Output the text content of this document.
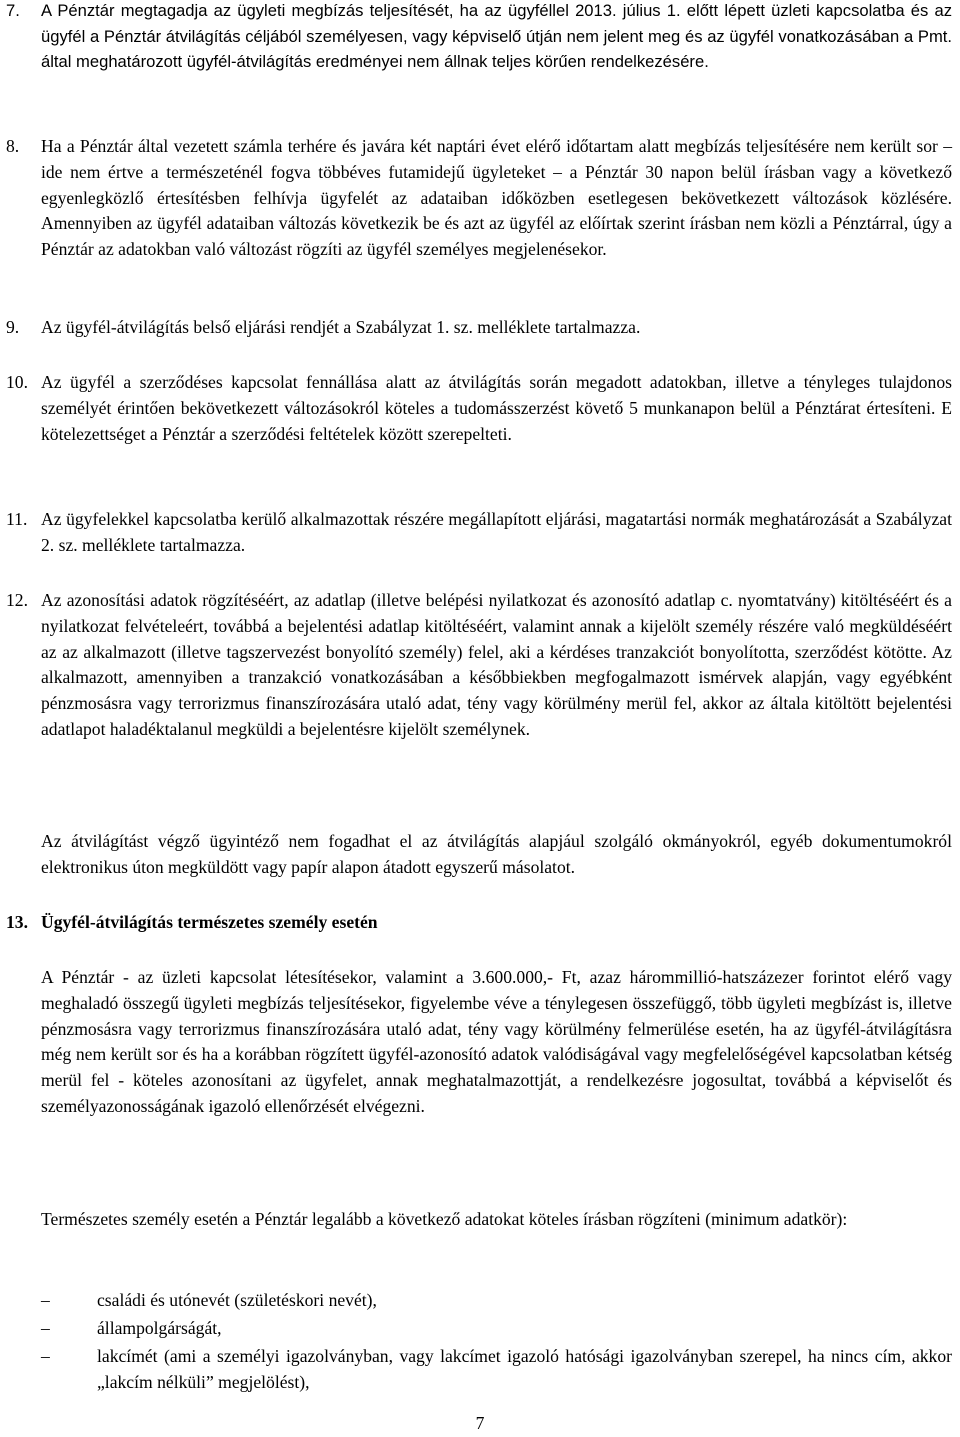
7. A Pénztár megtagadja az ügyleti megbízás teljesítését, ha az ügyféllel 2013. július 1. előtt lépett üzleti kapcsolatba és az ügyfél a Pénztár átvilágítás céljából személyesen, vagy képviselő útján nem jelent meg és az ügyfél vonatkozásában a Pmt. által meghatározott ügyfél-átvilágítás eredményei nem állnak teljes körűen rendelkezésére.
8. Ha a Pénztár által vezetett számla terhére és javára két naptári évet elérő időtartam alatt megbízás teljesítésére nem került sor – ide nem értve a természeténél fogva többéves futamidejű ügyleteket – a Pénztár 30 napon belül írásban vagy a következő egyenlegközlő értesítésben felhívja ügyfelét az adataiban időközben esetlegesen bekövetkezett változások közlésére. Amennyiben az ügyfél adataiban változás következik be és azt az ügyfél az előírtak szerint írásban nem közli a Pénztárral, úgy a Pénztár az adatokban való változást rögzíti az ügyfél személyes megjelenésekor.
9. Az ügyfél-átvilágítás belső eljárási rendjét a Szabályzat 1. sz. melléklete tartalmazza.
10. Az ügyfél a szerződéses kapcsolat fennállása alatt az átvilágítás során megadott adatokban, illetve a tényleges tulajdonos személyét érintően bekövetkezett változásokról köteles a tudomásszerzést követő 5 munkanapon belül a Pénztárat értesíteni. E kötelezettséget a Pénztár a szerződési feltételek között szerepelteti.
11. Az ügyfelekkel kapcsolatba kerülő alkalmazottak részére megállapított eljárási, magatartási normák meghatározását a Szabályzat 2. sz. melléklete tartalmazza.
12. Az azonosítási adatok rögzítéséért, az adatlap (illetve belépési nyilatkozat és azonosító adatlap c. nyomtatvány) kitöltéséért és a nyilatkozat felvételeért, továbbá a bejelentési adatlap kitöltéséért, valamint annak a kijelölt személy részére való megküldéséért az az alkalmazott (illetve tagszervezést bonyolító személy) felel, aki a kérdéses tranzakciót bonyolította, szerződést kötötte. Az alkalmazott, amennyiben a tranzakció vonatkozásában a későbbiekben megfogalmazott ismérvek alapján, vagy egyébként pénzmosásra vagy terrorizmus finanszírozására utaló adat, tény vagy körülmény merül fel, akkor az általa kitöltött bejelentési adatlapot haladéktalanul megküldi a bejelentésre kijelölt személynek.
Az átvilágítást végző ügyintéző nem fogadhat el az átvilágítás alapjául szolgáló okmányokról, egyéb dokumentumokról elektronikus úton megküldött vagy papír alapon átadott egyszerű másolatot.
13. Ügyfél-átvilágítás természetes személy esetén
A Pénztár - az üzleti kapcsolat létesítésekor, valamint a 3.600.000,- Ft, azaz hárommillió-hatszázezer forintot elérő vagy meghaladó összegű ügyleti megbízás teljesítésekor, figyelembe véve a ténylegesen összefüggő, több ügyleti megbízást is, illetve pénzmosásra vagy terrorizmus finanszírozására utaló adat, tény vagy körülmény felmerülése esetén, ha az ügyfél-átvilágításra még nem került sor és ha a korábban rögzített ügyfél-azonosító adatok valódiságával vagy megfelelőségével kapcsolatban kétség merül fel - köteles azonosítani az ügyfelet, annak meghatalmazottját, a rendelkezésre jogosultat, továbbá a képviselőt és személyazonosságának igazoló ellenőrzését elvégezni.
Természetes személy esetén a Pénztár legalább a következő adatokat köteles írásban rögzíteni (minimum adatkör):
–	családi és utónevét (születéskori nevét),
–	állampolgárságát,
–	lakcímét (ami a személyi igazolványban, vagy lakcímet igazoló hatósági igazolványban szerepel, ha nincs cím, akkor „lakcím nélküli” megjelölést),
7
